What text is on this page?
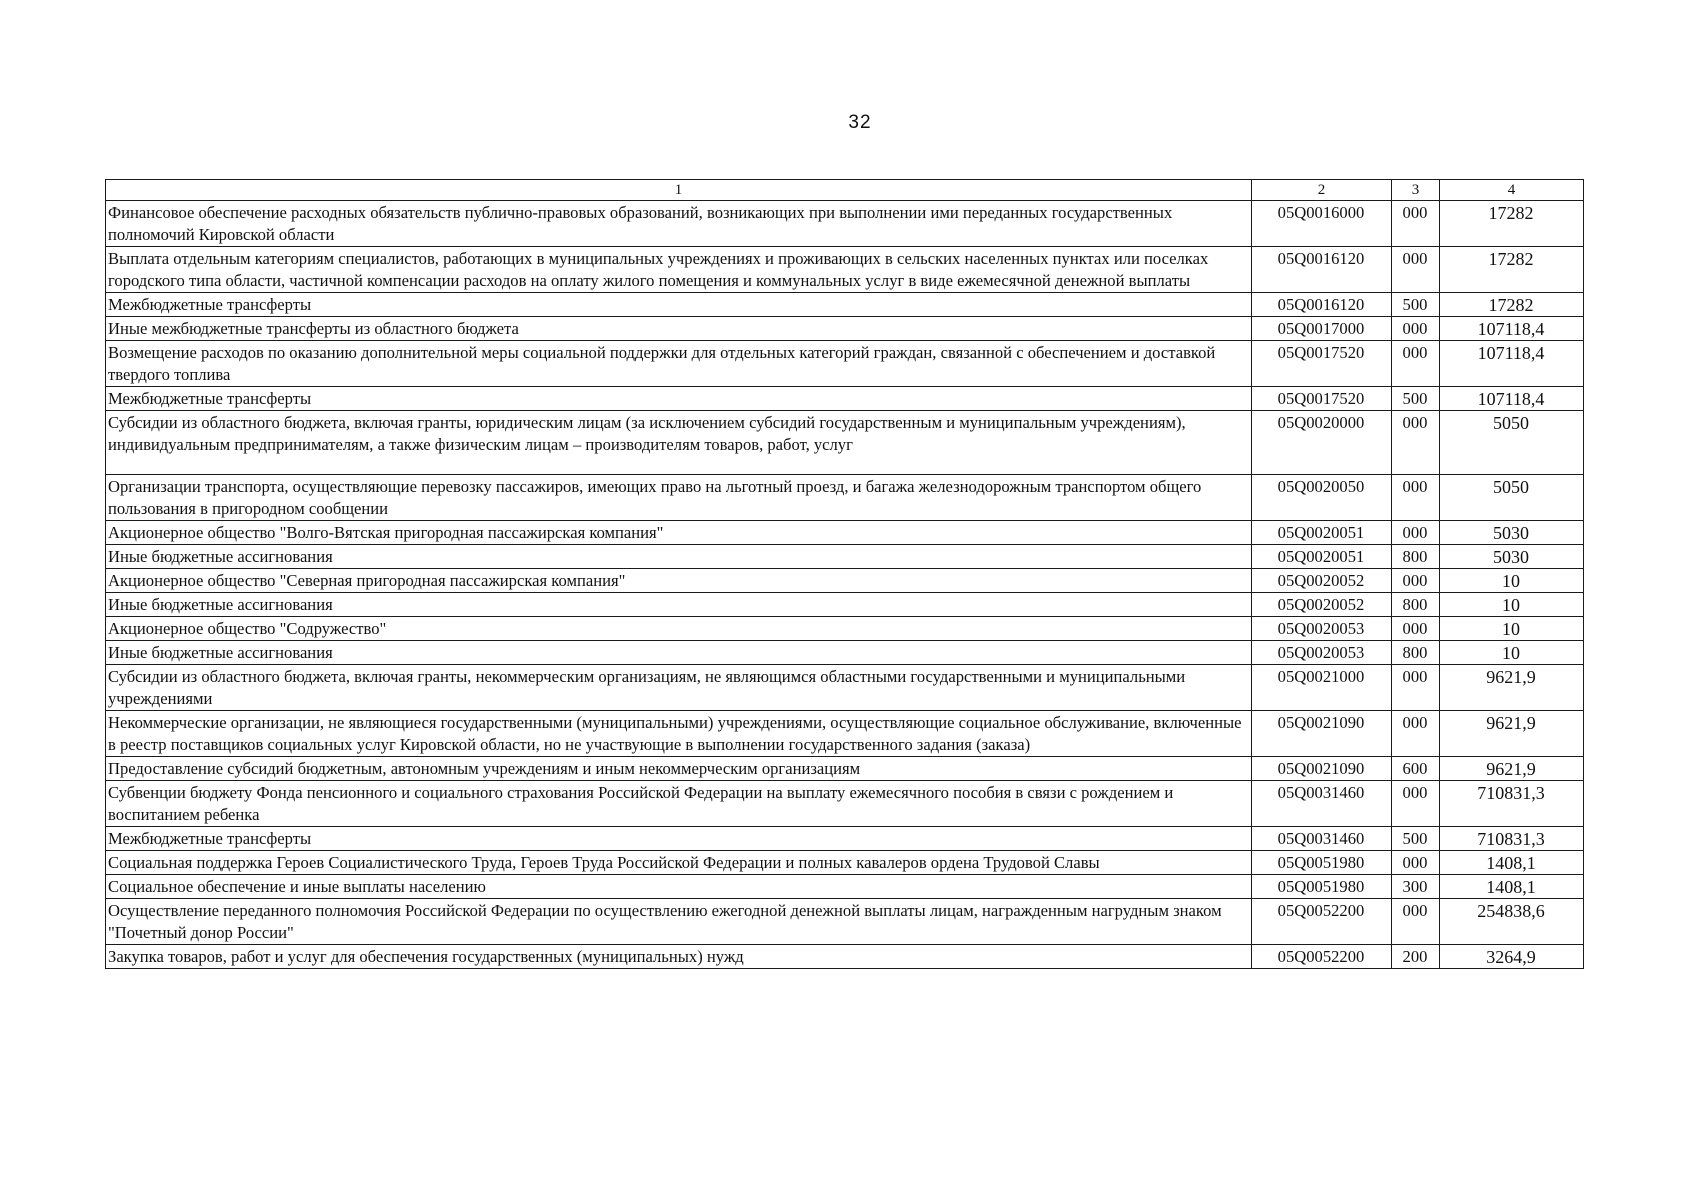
32
1	2	3	4
Финансовое обеспечение расходных обязательств публично-правовых образований, возникающих при выполнении ими переданных государственных полномочий Кировской области	05Q0016000	000	17282
Выплата отдельным категориям специалистов, работающих в муниципальных учреждениях и проживающих в сельских населенных пунктах или поселках городского типа области, частичной компенсации расходов на оплату жилого помещения и коммунальных услуг в виде ежемесячной денежной выплаты	05Q0016120	000	17282
Межбюджетные трансферты	05Q0016120	500	17282
Иные межбюджетные трансферты из областного бюджета	05Q0017000	000	107118,4
Возмещение расходов по оказанию дополнительной меры социальной поддержки для отдельных категорий граждан, связанной с обеспечением и доставкой твердого топлива	05Q0017520	000	107118,4
Межбюджетные трансферты	05Q0017520	500	107118,4
Субсидии из областного бюджета, включая гранты, юридическим лицам (за исключением субсидий государственным и муниципальным учреждениям), индивидуальным предпринимателям, а также физическим лицам – производителям товаров, работ, услуг	05Q0020000	000	5050
Организации транспорта, осуществляющие перевозку пассажиров, имеющих право на льготный проезд, и багажа железнодорожным транспортом общего пользования в пригородном сообщении	05Q0020050	000	5050
Акционерное общество "Волго-Вятская пригородная пассажирская компания"	05Q0020051	000	5030
Иные бюджетные ассигнования	05Q0020051	800	5030
Акционерное общество "Северная пригородная пассажирская компания"	05Q0020052	000	10
Иные бюджетные ассигнования	05Q0020052	800	10
Акционерное общество "Содружество"	05Q0020053	000	10
Иные бюджетные ассигнования	05Q0020053	800	10
Субсидии из областного бюджета, включая гранты, некоммерческим организациям, не являющимся областными государственными и муниципальными учреждениями	05Q0021000	000	9621,9
Некоммерческие организации, не являющиеся государственными (муниципальными) учреждениями, осуществляющие социальное обслуживание, включенные в реестр поставщиков социальных услуг Кировской области, но не участвующие в выполнении государственного задания (заказа)	05Q0021090	000	9621,9
Предоставление субсидий бюджетным, автономным учреждениям и иным некоммерческим организациям	05Q0021090	600	9621,9
Субвенции бюджету Фонда пенсионного и социального страхования Российской Федерации на выплату ежемесячного пособия в связи с рождением и воспитанием ребенка	05Q0031460	000	710831,3
Межбюджетные трансферты	05Q0031460	500	710831,3
Социальная поддержка Героев Социалистического Труда, Героев Труда Российской Федерации и полных кавалеров ордена Трудовой Славы	05Q0051980	000	1408,1
Социальное обеспечение и иные выплаты населению	05Q0051980	300	1408,1
Осуществление переданного полномочия Российской Федерации по осуществлению ежегодной денежной выплаты лицам, награжденным нагрудным знаком "Почетный донор России"	05Q0052200	000	254838,6
Закупка товаров, работ и услуг для обеспечения государственных (муниципальных) нужд	05Q0052200	200	3264,9
